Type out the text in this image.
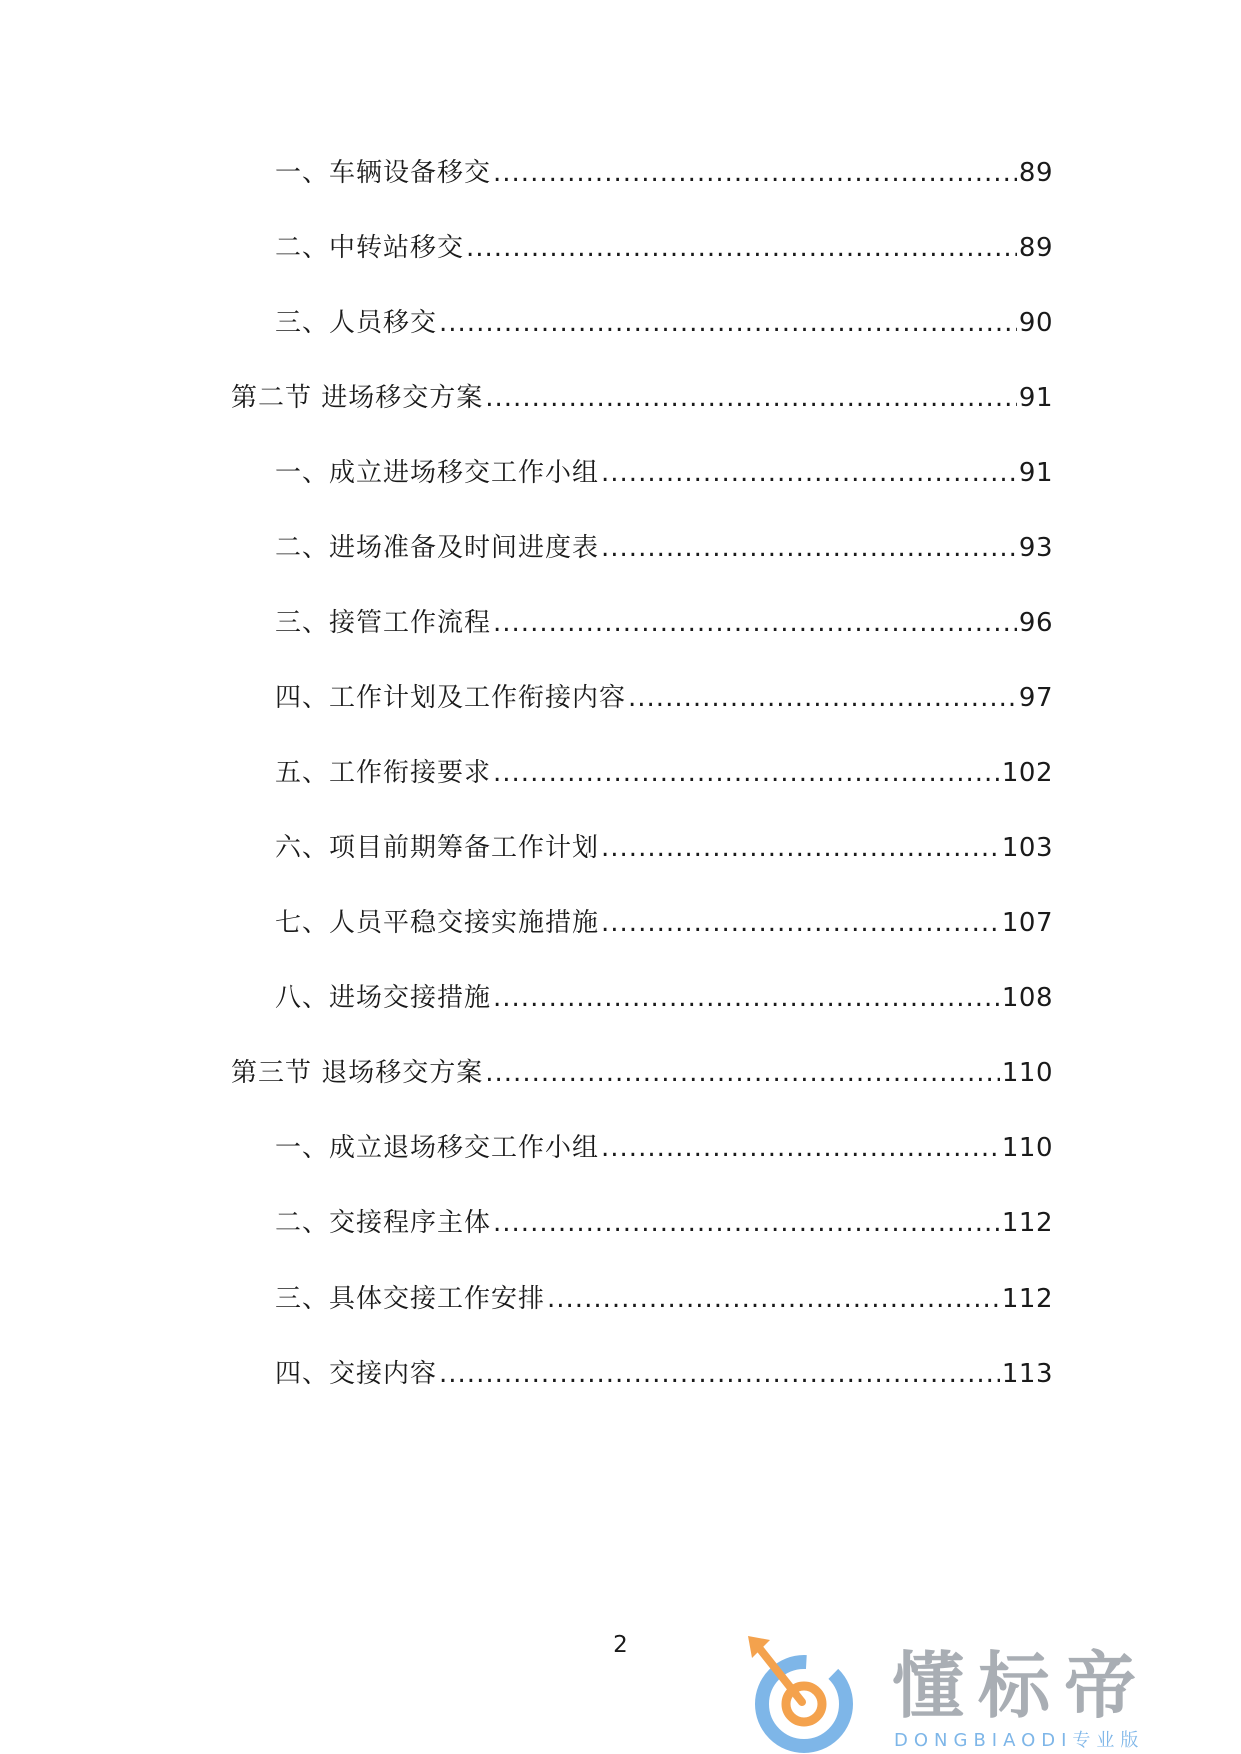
一、车辆设备移交 .....	89
二、中转站移交 .....	89
三、人员移交 .....	90
第二节 进场移交方案 .....	91
一、成立进场移交工作小组 .....	91
二、进场准备及时间进度表 .....	93
三、接管工作流程 .....	96
四、工作计划及工作衔接内容 .....	97
五、工作衔接要求 .....	102
六、项目前期筹备工作计划 .....	103
七、人员平稳交接实施措施 .....	107
八、进场交接措施 .....	108
第三节 退场移交方案 .....	110
一、成立退场移交工作小组 .....	110
二、交接程序主体 .....	112
三、具体交接工作安排 .....	112
四、交接内容 .....	113
2	懂标帝
DONGBIAODI专业版
